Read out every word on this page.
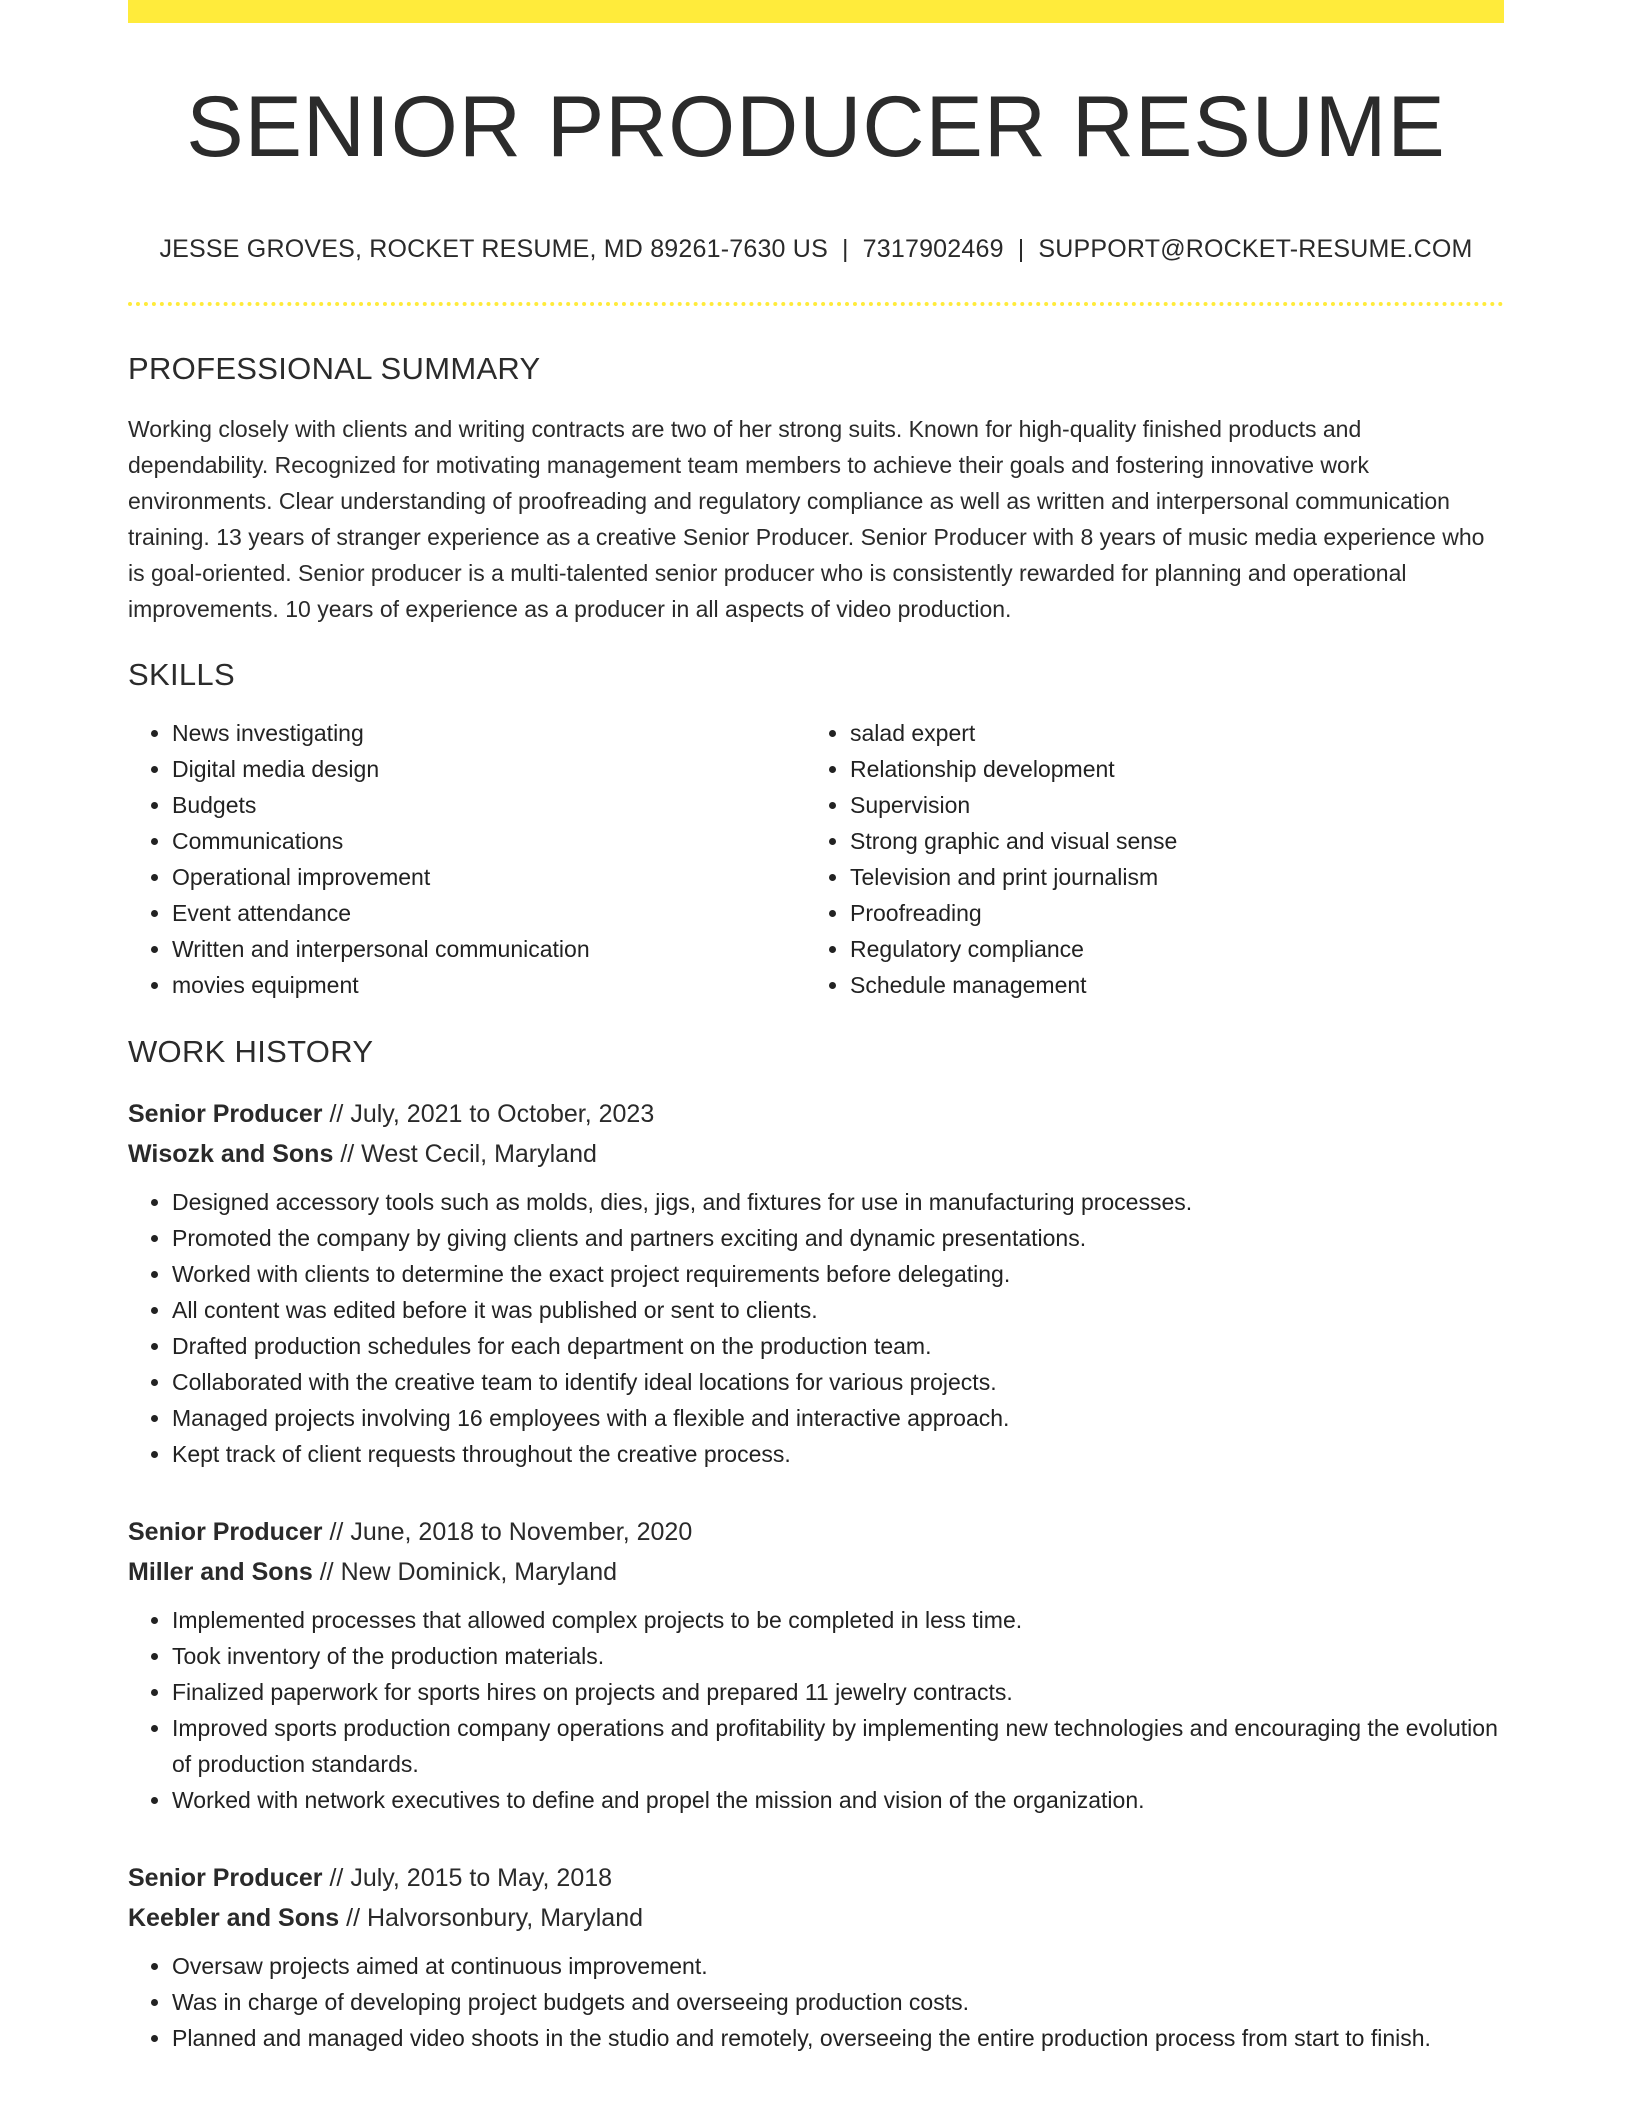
SENIOR PRODUCER RESUME
JESSE GROVES, ROCKET RESUME, MD 89261-7630 US | 7317902469 | SUPPORT@ROCKET-RESUME.COM
PROFESSIONAL SUMMARY
Working closely with clients and writing contracts are two of her strong suits. Known for high-quality finished products and dependability. Recognized for motivating management team members to achieve their goals and fostering innovative work environments. Clear understanding of proofreading and regulatory compliance as well as written and interpersonal communication training. 13 years of stranger experience as a creative Senior Producer. Senior Producer with 8 years of music media experience who is goal-oriented. Senior producer is a multi-talented senior producer who is consistently rewarded for planning and operational improvements. 10 years of experience as a producer in all aspects of video production.
SKILLS
• News investigating
• Digital media design
• Budgets
• Communications
• Operational improvement
• Event attendance
• Written and interpersonal communication
• movies equipment
• salad expert
• Relationship development
• Supervision
• Strong graphic and visual sense
• Television and print journalism
• Proofreading
• Regulatory compliance
• Schedule management
WORK HISTORY
Senior Producer // July, 2021 to October, 2023
Wisozk and Sons // West Cecil, Maryland
• Designed accessory tools such as molds, dies, jigs, and fixtures for use in manufacturing processes.
• Promoted the company by giving clients and partners exciting and dynamic presentations.
• Worked with clients to determine the exact project requirements before delegating.
• All content was edited before it was published or sent to clients.
• Drafted production schedules for each department on the production team.
• Collaborated with the creative team to identify ideal locations for various projects.
• Managed projects involving 16 employees with a flexible and interactive approach.
• Kept track of client requests throughout the creative process.
Senior Producer // June, 2018 to November, 2020
Miller and Sons // New Dominick, Maryland
• Implemented processes that allowed complex projects to be completed in less time.
• Took inventory of the production materials.
• Finalized paperwork for sports hires on projects and prepared 11 jewelry contracts.
• Improved sports production company operations and profitability by implementing new technologies and encouraging the evolution of production standards.
• Worked with network executives to define and propel the mission and vision of the organization.
Senior Producer // July, 2015 to May, 2018
Keebler and Sons // Halvorsonbury, Maryland
• Oversaw projects aimed at continuous improvement.
• Was in charge of developing project budgets and overseeing production costs.
• Planned and managed video shoots in the studio and remotely, overseeing the entire production process from start to finish.
